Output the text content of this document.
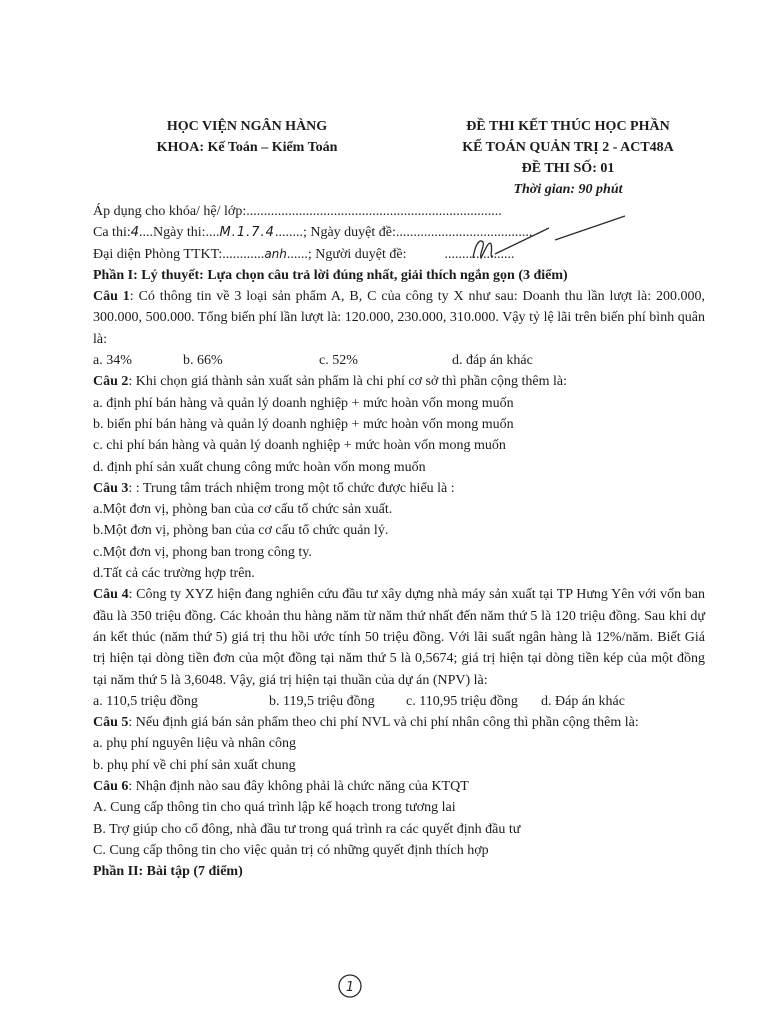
HỌC VIỆN NGÂN HÀNG
KHOA: Kế Toán – Kiểm Toán
ĐỀ THI KẾT THÚC HỌC PHẦN
KẾ TOÁN QUẢN TRỊ 2 - ACT48A
ĐỀ THI SỐ: 01
Thời gian: 90 phút
Áp dụng cho khóa/ hệ/ lớp:.........................................................................
Ca thi:4....Ngày thi:....M.1.7.4........; Ngày duyệt đề:.......................................
Đại diện Phòng TTKT:............anh......; Người duyệt đề:	....................
Phần I: Lý thuyết: Lựa chọn câu trả lời đúng nhất, giải thích ngắn gọn (3 điểm)
Câu 1: Có thông tin về 3 loại sản phẩm A, B, C của công ty X như sau: Doanh thu lần lượt là: 200.000, 300.000, 500.000. Tổng biến phí lần lượt là: 120.000, 230.000, 310.000. Vậy tỷ lệ lãi trên biến phí bình quân là:
a. 34%	b. 66%	c. 52%	d. đáp án khác
Câu 2: Khi chọn giá thành sản xuất sản phẩm là chi phí cơ sở thì phần cộng thêm là:
a. định phí bán hàng và quản lý doanh nghiệp + mức hoàn vốn mong muốn
b. biến phí bán hàng và quản lý doanh nghiệp + mức hoàn vốn mong muốn
c. chi phí bán hàng và quản lý doanh nghiệp + mức hoàn vốn mong muốn
d. định phí sản xuất chung công mức hoàn vốn mong muốn
Câu 3: : Trung tâm trách nhiệm trong một tổ chức được hiểu là :
a.Một đơn vị, phòng ban của cơ cấu tổ chức sản xuất.
b.Một đơn vị, phòng ban của cơ cấu tổ chức quản lý.
c.Một đơn vị, phong ban trong công ty.
d.Tất cả các trường hợp trên.
Câu 4: Công ty XYZ hiện đang nghiên cứu đầu tư xây dựng nhà máy sản xuất tại TP Hưng Yên với vốn ban đầu là 350 triệu đồng. Các khoản thu hàng năm từ năm thứ nhất đến năm thứ 5 là 120 triệu đồng. Sau khi dự án kết thúc (năm thứ 5) giá trị thu hồi ước tính 50 triệu đồng. Với lãi suất ngân hàng là 12%/năm. Biết Giá trị hiện tại dòng tiền đơn của một đồng tại năm thứ 5 là 0,5674; giá trị hiện tại dòng tiền kép của một đồng tại năm thứ 5 là 3,6048. Vậy, giá trị hiện tại thuần của dự án (NPV) là:
a. 110,5 triệu đồng	b. 119,5 triệu đồng c. 110,95 triệu đồng d. Đáp án khác
Câu 5: Nếu định giá bán sản phẩm theo chi phí NVL và chi phí nhân công thì phần cộng thêm là:
a. phụ phí nguyên liệu và nhân công
b. phụ phí về chi phí sản xuất chung
Câu 6: Nhận định nào sau đây không phải là chức năng của KTQT
A. Cung cấp thông tin cho quá trình lập kế hoạch trong tương lai
B. Trợ giúp cho cổ đông, nhà đầu tư trong quá trình ra các quyết định đầu tư
C. Cung cấp thông tin cho việc quản trị có những quyết định thích hợp
Phần II: Bài tập (7 điểm)
1
